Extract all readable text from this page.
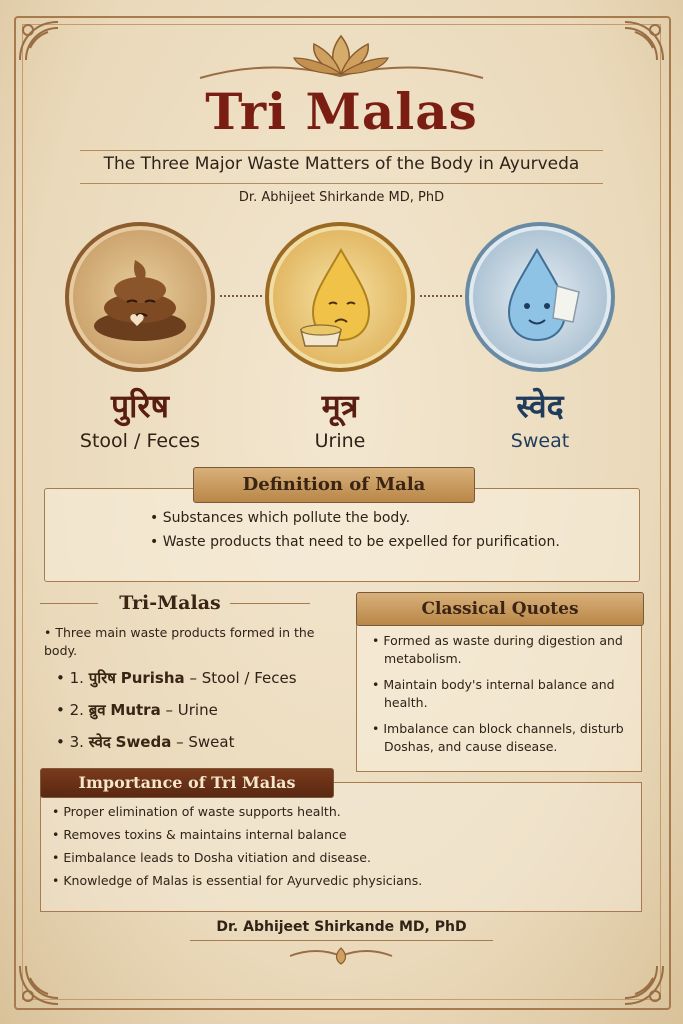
Tri Malas
The Three Major Waste Matters of the Body in Ayurveda
Dr. Abhijeet Shirkande MD, PhD
पुरिष	मूत्र	स्वेद
Stool / Feces	Urine	Sweat
Definition of Mala
• Substances which pollute the body.
• Waste products that need to be expelled for purification.
Tri-Malas
• Three main waste products formed in the body.
• 1. पुरिष Purisha – Stool / Feces
• 2. ब्रुव Mutra – Urine
• 3. स्वेद Sweda – Sweat
Classical Quotes
• Formed as waste during digestion and metabolism.
• Maintain body's internal balance and health.
• Imbalance can block channels, disturb Doshas, and cause disease.
Importance of Tri Malas
• Proper elimination of waste supports health.
• Removes toxins & maintains internal balance
• Eimbalance leads to Dosha vitiation and disease.
• Knowledge of Malas is essential for Ayurvedic physicians.
Dr. Abhijeet Shirkande MD, PhD
